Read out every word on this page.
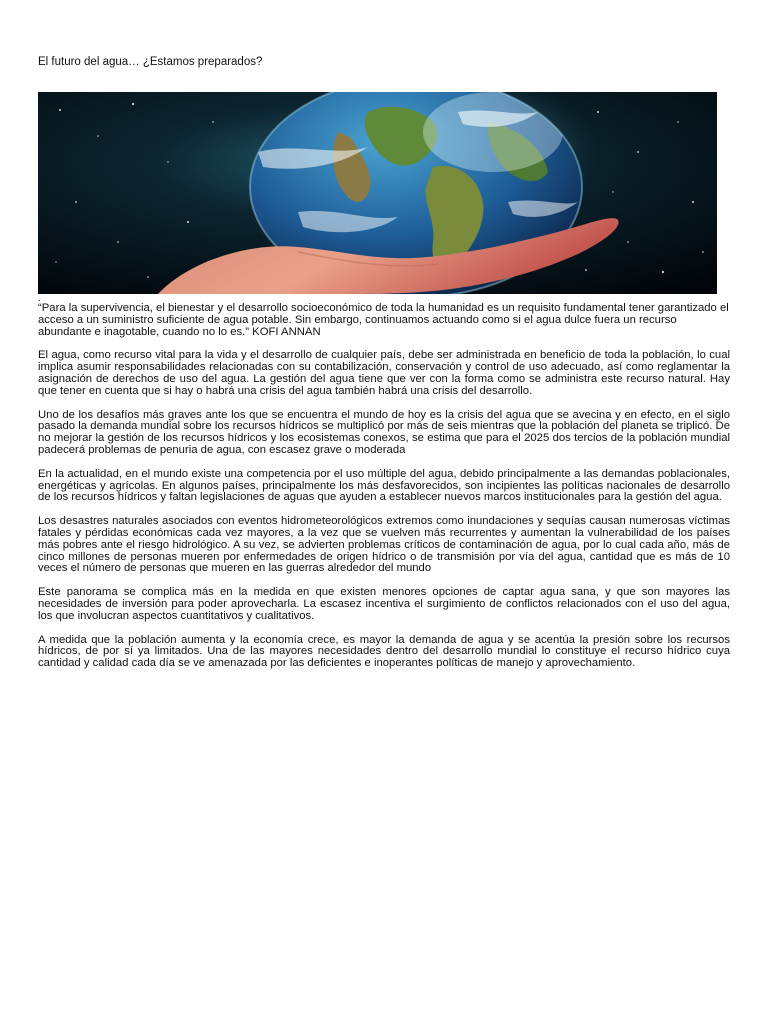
El futuro del agua… ¿Estamos preparados?
.

“Para la supervivencia, el bienestar y el desarrollo socioeconómico de toda la humanidad es un requisito fundamental tener garantizado el acceso a un suministro suficiente de agua potable. Sin embargo, continuamos actuando como si el agua dulce fuera un recurso abundante e inagotable, cuando no lo es.” KOFI ANNAN

El agua, como recurso vital para la vida y el desarrollo de cualquier país, debe ser administrada en beneficio de toda la población, lo cual implica asumir responsabilidades relacionadas con su contabilización, conservación y control de uso adecuado, así como reglamentar la asignación de derechos de uso del agua. La gestión del agua tiene que ver con la forma como se administra este recurso natural. Hay que tener en cuenta que si hay o habrá una crisis del agua también habrá una crisis del desarrollo.

Uno de los desafíos más graves ante los que se encuentra el mundo de hoy es la crisis del agua que se avecina y en efecto, en el siglo pasado la demanda mundial sobre los recursos hídricos se multiplicó por más de seis mientras que la población del planeta se triplicó. De no mejorar la gestión de los recursos hídricos y los ecosistemas conexos, se estima que para el 2025 dos tercios de la población mundial padecerá problemas de penuria de agua, con escasez grave o moderada

En la actualidad, en el mundo existe una competencia por el uso múltiple del agua, debido principalmente a las demandas poblacionales, energéticas y agrícolas. En algunos países, principalmente los más desfavorecidos, son incipientes las políticas nacionales de desarrollo de los recursos hídricos y faltan legislaciones de aguas que ayuden a establecer nuevos marcos institucionales para la gestión del agua.

Los desastres naturales asociados con eventos hidrometeorológicos extremos como inundaciones y sequías causan numerosas víctimas fatales y pérdidas económicas cada vez mayores, a la vez que se vuelven más recurrentes y aumentan la vulnerabilidad de los países más pobres ante el riesgo hidrológico. A su vez, se advierten problemas críticos de contaminación de agua, por lo cual cada año, más de cinco millones de personas mueren por enfermedades de origen hídrico o de transmisión por vía del agua, cantidad que es más de 10 veces el número de personas que mueren en las guerras alrededor del mundo

Este panorama se complica más en la medida en que existen menores opciones de captar agua sana, y que son mayores las necesidades de inversión para poder aprovecharla. La escasez incentiva el surgimiento de conflictos relacionados con el uso del agua, los que involucran aspectos cuantitativos y cualitativos.

A medida que la población aumenta y la economía crece, es mayor la demanda de agua y se acentúa la presión sobre los recursos hídricos, de por sí ya limitados. Una de las mayores necesidades dentro del desarrollo mundial lo constituye el recurso hídrico cuya cantidad y calidad cada día se ve amenazada por las deficientes e inoperantes políticas de manejo y aprovechamiento.
